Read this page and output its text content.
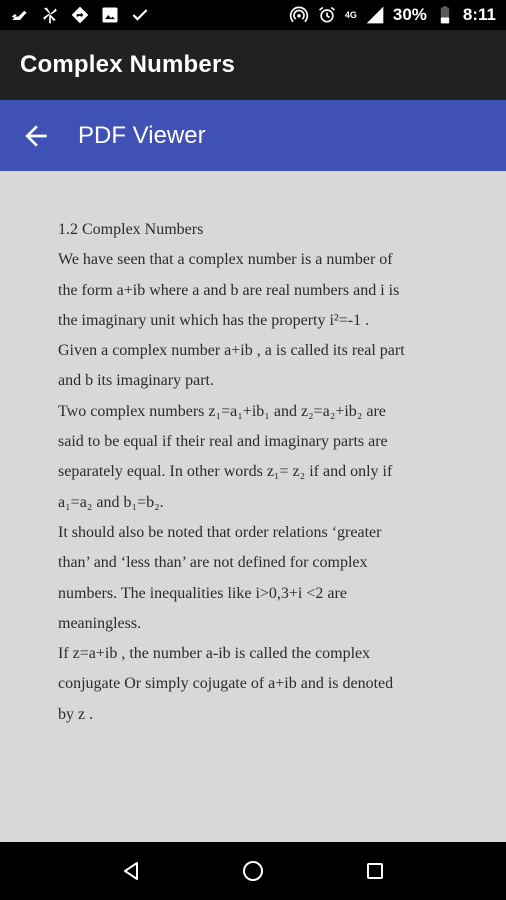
4G 30% 8:11
Complex Numbers
PDF Viewer
1.2 Complex Numbers
We have seen that a complex number is a number of
the form a+ib where a and b are real numbers and i is
the imaginary unit which has the property i²=-1 .
Given a complex number a+ib , a is called its real part
and b its imaginary part.
Two complex numbers z₁=a₁+ib₁ and z₂=a₂+ib₂ are
said to be equal if their real and imaginary parts are
separately equal. In other words z₁= z₂ if and only if
a₁=a₂ and b₁=b₂.
It should also be noted that order relations ‘greater
than’ and ‘less than’ are not defined for complex
numbers. The inequalities like i>0,3+i <2 are
meaningless.
If z=a+ib , the number a-ib is called the complex
conjugate Or simply cojugate of a+ib and is denoted
by z .
